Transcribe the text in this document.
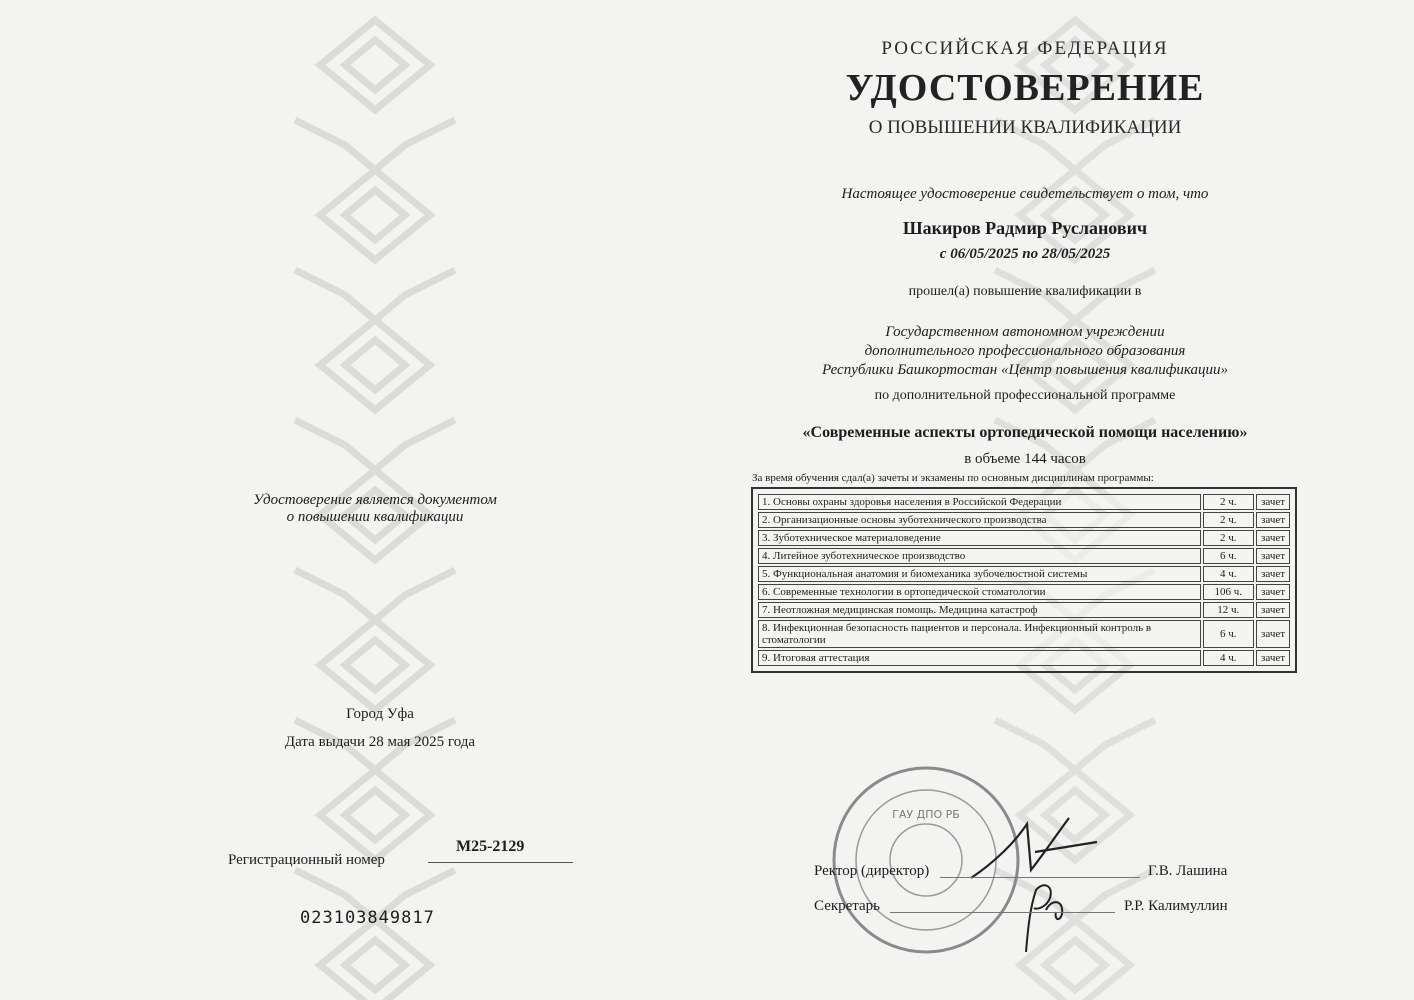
РОССИЙСКАЯ ФЕДЕРАЦИЯ
УДОСТОВЕРЕНИЕ
О ПОВЫШЕНИИ КВАЛИФИКАЦИИ
Настоящее удостоверение свидетельствует о том, что
Шакиров Радмир Русланович
с 06/05/2025 по 28/05/2025
прошел(а) повышение квалификации в
Государственном автономном учреждении
дополнительного профессионального образования
Республики Башкортостан «Центр повышения квалификации»
по дополнительной профессиональной программе
«Современные аспекты ортопедической помощи населению»
в объеме 144 часов
За время обучения сдал(а) зачеты и экзамены по основным дисциплинам программы:
1. Основы охраны здоровья населения в Российской Федерации	2 ч.	зачет
2. Организационные основы зуботехнического производства	2 ч.	зачет
3. Зуботехническое материаловедение	2 ч.	зачет
4. Литейное зуботехническое производство	6 ч.	зачет
5. Функциональная анатомия и биомеханика зубочелюстной системы	4 ч.	зачет
6. Современные технологии в ортопедической стоматологии	106 ч.	зачет
7. Неотложная медицинская помощь. Медицина катастроф	12 ч.	зачет
8. Инфекционная безопасность пациентов и персонала. Инфекционный контроль в стоматологии	6 ч.	зачет
9. Итоговая аттестация	4 ч.	зачет
ГАУ ДПО РБ
Ректор (директор)	Г.В. Лашина
Секретарь	Р.Р. Калимуллин
Удостоверение является документом
о повышении квалификации
Город Уфа
Дата выдачи 28 мая 2025 года
Регистрационный номер
М25-2129
023103849817
